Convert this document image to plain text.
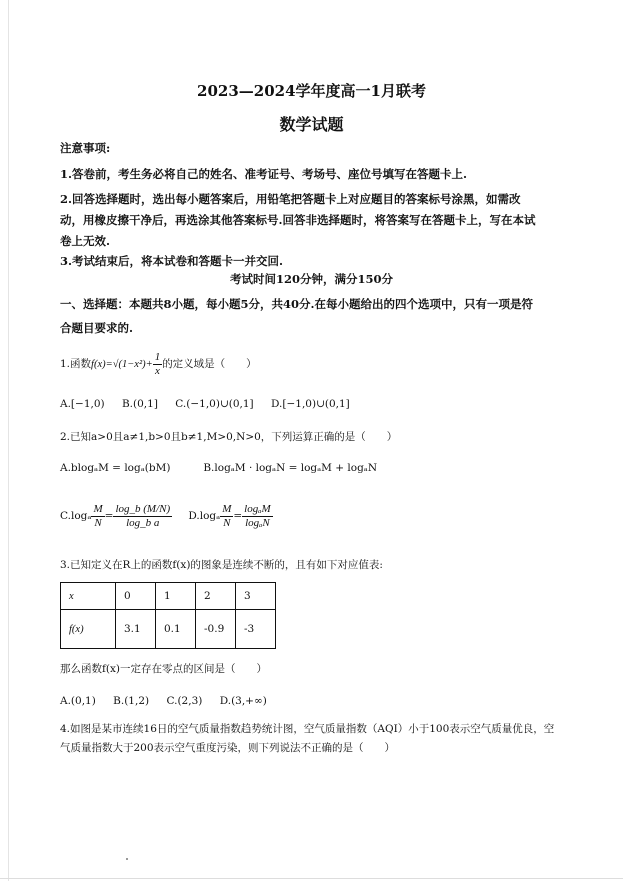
2023—2024学年度高一1月联考
数学试题
注意事项:
1.答卷前，考生务必将自己的姓名、准考证号、考场号、座位号填写在答题卡上.
2.回答选择题时，选出每小题答案后，用铅笔把答题卡上对应题目的答案标号涂黑，如需改
动，用橡皮擦干净后，再选涂其他答案标号.回答非选择题时，将答案写在答题卡上，写在本试
卷上无效.
3.考试结束后，将本试卷和答题卡一并交回.
考试时间120分钟，满分150分
一、选择题：本题共8小题，每小题5分，共40分.在每小题给出的四个选项中，只有一项是符
合题目要求的.
1.函数$f(x)=√(1-x^2)+ \frac{1}{x}$ 的定义域是（　　）
A.[−1,0) B.(0,1] C.(−1,0)∪(0,1] D.[−1,0)∪(0,1]
2.已知a>0且a≠1,b>0且b≠1,M>0,N>0，下列运算正确的是（　　）
A.blogₐM = logₐ(bM)	B.logₐM · logₐN = logₐM + logₐN
$C.\log_a \frac{M}{N} = \frac{\log\_b (M/N)}{\text{log\_b a}} D.\log_a \frac{M}{N} = \frac{\text{logₐM}}{\text{logₐN}}$
3.已知定义在R上的函数f(x)的图象是连续不断的，且有如下对应值表:
x	0	1	2	3
f(x)	3.1	0.1	-0.9	-3
那么函数f(x)一定存在零点的区间是（　　）
A.(0,1) B.(1,2) C.(2,3) D.(3,+∞)
4.如图是某市连续16日的空气质量指数趋势统计图，空气质量指数（AQI）小于100表示空气质量优良，空
气质量指数大于200表示空气重度污染，则下列说法不正确的是（　　）
